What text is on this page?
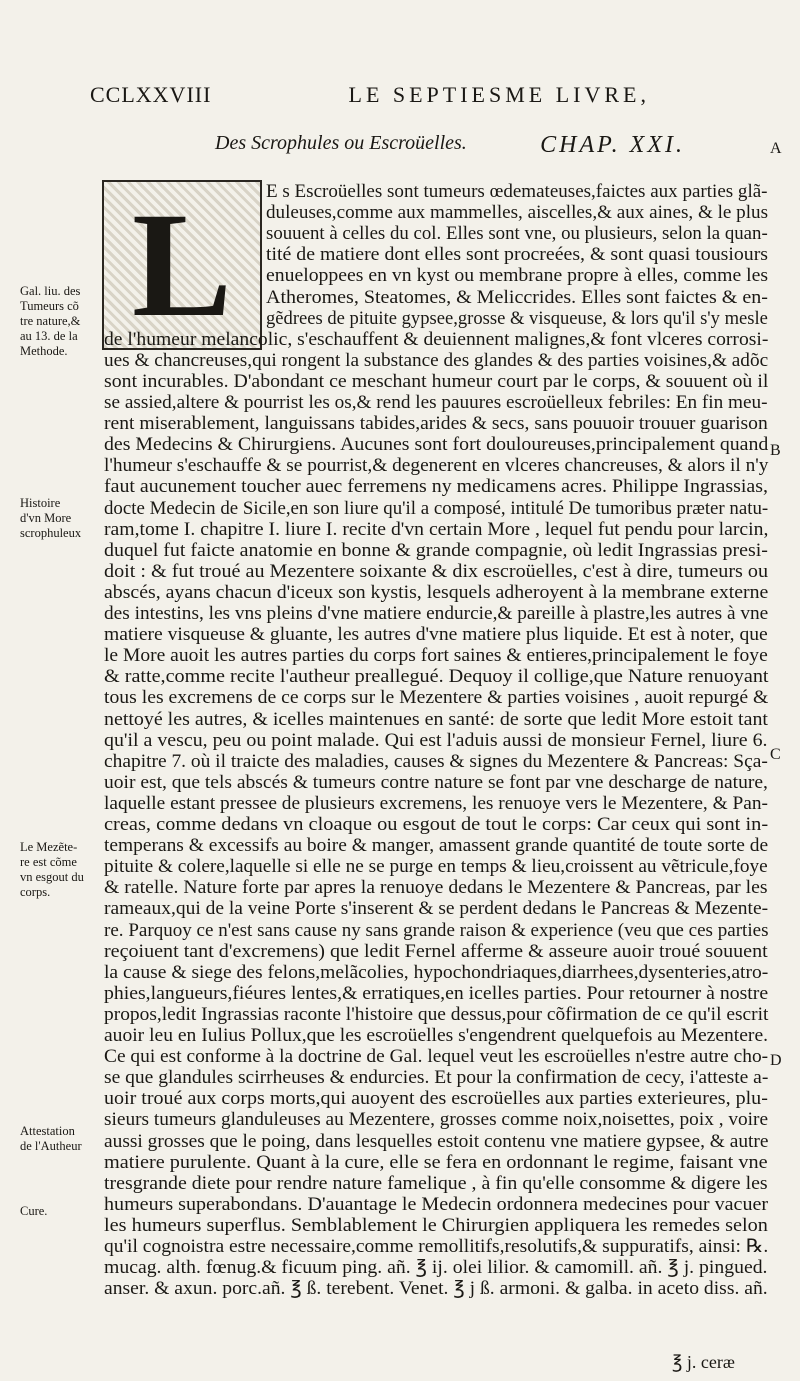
CCLXXVIII	LE SEPTIESME LIVRE,
Des Scrophules ou Escroüelles.	CHAP. XXI.	A
B
C
D
L E s Escroüelles sont tumeurs œdemateuses,faictes aux parties glã-
duleuses,comme aux mammelles, aiscelles,& aux aines, & le plus
souuent à celles du col. Elles sont vne, ou plusieurs, selon la quan-
tité de matiere dont elles sont procreées, & sont quasi tousiours
enueloppees en vn kyst ou membrane propre à elles, comme les
Atheromes, Steatomes, & Meliccrides. Elles sont faictes & en-
gẽdrees de pituite gypsee,grosse & visqueuse, & lors qu'il s'y mesle
de l'humeur melancolic, s'eschauffent & deuiennent malignes,& font vlceres corrosi-
ues & chancreuses,qui rongent la substance des glandes & des parties voisines,& adõc
sont incurables. D'abondant ce meschant humeur court par le corps, & souuent où il
se assied,altere & pourrist les os,& rend les pauures escroüelleux febriles: En fin meu-
rent miserablement, languissans tabides,arides & secs, sans pouuoir trouuer guarison
des Medecins & Chirurgiens. Aucunes sont fort douloureuses,principalement quand
l'humeur s'eschauffe & se pourrist,& degenerent en vlceres chancreuses, & alors il n'y
faut aucunement toucher auec ferremens ny medicamens acres. Philippe Ingrassias,
docte Medecin de Sicile,en son liure qu'il a composé, intitulé De tumoribus præter natu-
ram,tome I. chapitre I. liure I. recite d'vn certain More , lequel fut pendu pour larcin,
duquel fut faicte anatomie en bonne & grande compagnie, où ledit Ingrassias presi-
doit : & fut troué au Mezentere soixante & dix escroüelles, c'est à dire, tumeurs ou
abscés, ayans chacun d'iceux son kystis, lesquels adheroyent à la membrane externe
des intestins, les vns pleins d'vne matiere endurcie,& pareille à plastre,les autres à vne
matiere visqueuse & gluante, les autres d'vne matiere plus liquide. Et est à noter, que
le More auoit les autres parties du corps fort saines & entieres,principalement le foye
& ratte,comme recite l'autheur preallegué. Dequoy il collige,que Nature renuoyant
tous les excremens de ce corps sur le Mezentere & parties voisines , auoit repurgé &
nettoyé les autres, & icelles maintenues en santé: de sorte que ledit More estoit tant
qu'il a vescu, peu ou point malade. Qui est l'aduis aussi de monsieur Fernel, liure 6.
chapitre 7. où il traicte des maladies, causes & signes du Mezentere & Pancreas: Sça-
uoir est, que tels abscés & tumeurs contre nature se font par vne descharge de nature,
laquelle estant pressee de plusieurs excremens, les renuoye vers le Mezentere, & Pan-
creas, comme dedans vn cloaque ou esgout de tout le corps: Car ceux qui sont in-
temperans & excessifs au boire & manger, amassent grande quantité de toute sorte de
pituite & colere,laquelle si elle ne se purge en temps & lieu,croissent au vẽtricule,foye
& ratelle. Nature forte par apres la renuoye dedans le Mezentere & Pancreas, par les
rameaux,qui de la veine Porte s'inserent & se perdent dedans le Pancreas & Mezente-
re. Parquoy ce n'est sans cause ny sans grande raison & experience (veu que ces parties
reçoiuent tant d'excremens) que ledit Fernel afferme & asseure auoir troué souuent
la cause & siege des felons,melãcolies, hypochondriaques,diarrhees,dysenteries,atro-
phies,langueurs,fiéures lentes,& erratiques,en icelles parties. Pour retourner à nostre
propos,ledit Ingrassias raconte l'histoire que dessus,pour cõfirmation de ce qu'il escrit
auoir leu en Iulius Pollux,que les escroüelles s'engendrent quelquefois au Mezentere.
Ce qui est conforme à la doctrine de Gal. lequel veut les escroüelles n'estre autre cho-
se que glandules scirrheuses & endurcies. Et pour la confirmation de cecy, i'atteste a-
uoir troué aux corps morts,qui auoyent des escroüelles aux parties exterieures, plu-
sieurs tumeurs glanduleuses au Mezentere, grosses comme noix,noisettes, poix , voire
aussi grosses que le poing, dans lesquelles estoit contenu vne matiere gypsee, & autre
matiere purulente. Quant à la cure, elle se fera en ordonnant le regime, faisant vne
tresgrande diete pour rendre nature famelique , à fin qu'elle consomme & digere les
humeurs superabondans. D'auantage le Medecin ordonnera medecines pour vacuer
les humeurs superflus. Semblablement le Chirurgien appliquera les remedes selon
qu'il cognoistra estre necessaire,comme remollitifs,resolutifs,& suppuratifs, ainsi: ℞.
mucag. alth. fœnug.& ficuum ping. añ. ℥ ij. olei lilior. & camomill. añ. ℥ j. pingued.
anser. & axun. porc.añ. ℥ ß. terebent. Venet. ℥ j ß. armoni. & galba. in aceto diss. añ.
Gal. liu. des
Tumeurs cõ
tre nature,&
au 13. de la
Methode.
Histoire
d'vn More
scrophuleux
Le Mezẽte-
re est cõme
vn esgout du
corps.
Attestation
de l'Autheur
Cure.
℥ j. ceræ
